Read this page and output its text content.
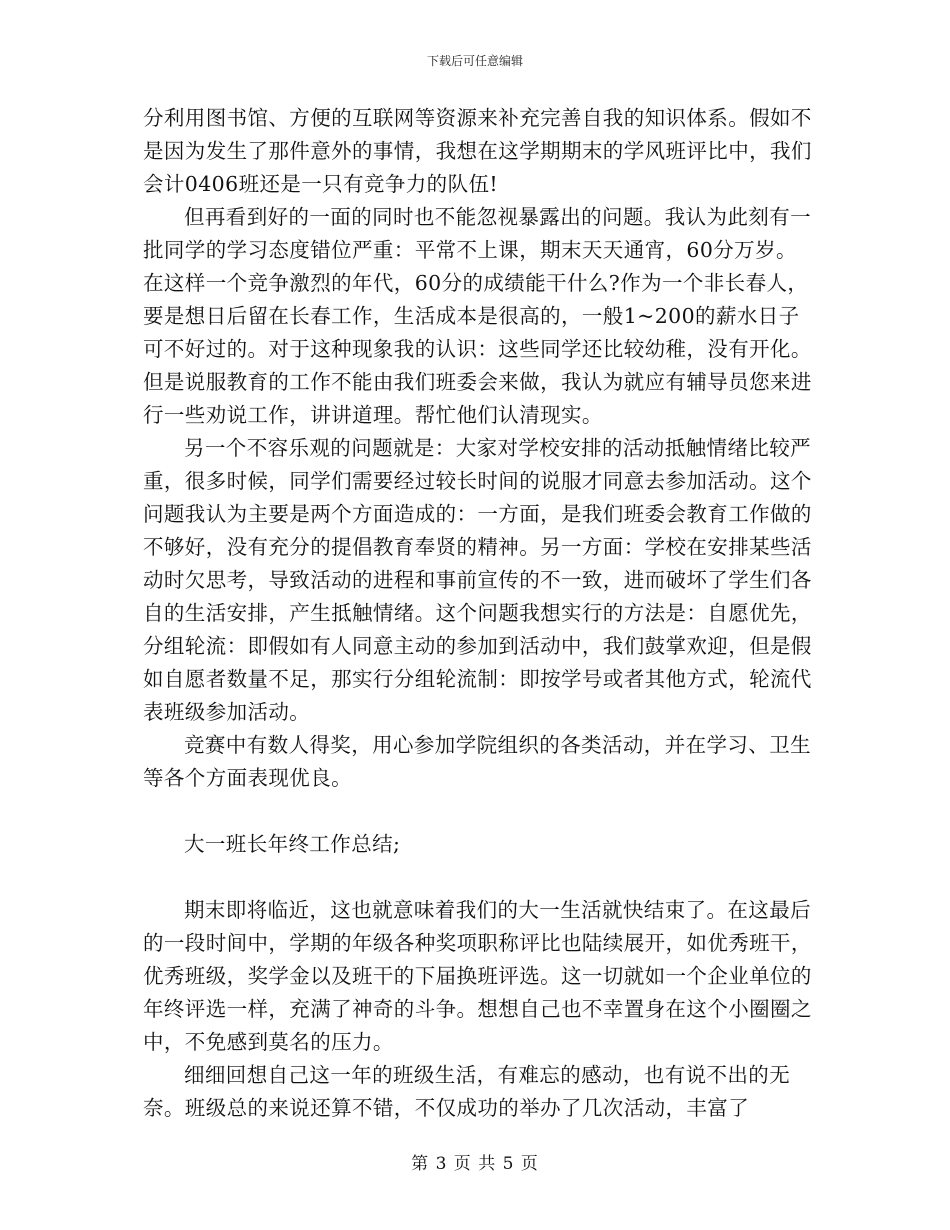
下载后可任意编辑

分利用图书馆、方便的互联网等资源来补充完善自我的知识体系。假如不是因为发生了那件意外的事情，我想在这学期期末的学风班评比中，我们会计0406班还是一只有竞争力的队伍!

但再看到好的一面的同时也不能忽视暴露出的问题。我认为此刻有一批同学的学习态度错位严重：平常不上课，期末天天通宵，60分万岁。在这样一个竞争激烈的年代，60分的成绩能干什么?作为一个非长春人，要是想日后留在长春工作，生活成本是很高的，一般1~200的薪水日子可不好过的。对于这种现象我的认识：这些同学还比较幼稚，没有开化。但是说服教育的工作不能由我们班委会来做，我认为就应有辅导员您来进行一些劝说工作，讲讲道理。帮忙他们认清现实。

另一个不容乐观的问题就是：大家对学校安排的活动抵触情绪比较严重，很多时候，同学们需要经过较长时间的说服才同意去参加活动。这个问题我认为主要是两个方面造成的：一方面，是我们班委会教育工作做的不够好，没有充分的提倡教育奉贤的精神。另一方面：学校在安排某些活动时欠思考，导致活动的进程和事前宣传的不一致，进而破坏了学生们各自的生活安排，产生抵触情绪。这个问题我想实行的方法是：自愿优先，分组轮流：即假如有人同意主动的参加到活动中，我们鼓掌欢迎，但是假如自愿者数量不足，那实行分组轮流制：即按学号或者其他方式，轮流代表班级参加活动。

竞赛中有数人得奖，用心参加学院组织的各类活动，并在学习、卫生等各个方面表现优良。

大一班长年终工作总结;

期末即将临近，这也就意味着我们的大一生活就快结束了。在这最后的一段时间中，学期的年级各种奖项职称评比也陆续展开，如优秀班干，优秀班级，奖学金以及班干的下届换班评选。这一切就如一个企业单位的年终评选一样，充满了神奇的斗争。想想自己也不幸置身在这个小圈圈之中，不免感到莫名的压力。

细细回想自己这一年的班级生活，有难忘的感动，也有说不出的无奈。班级总的来说还算不错，不仅成功的举办了几次活动，丰富了

第 3 页 共 5 页
